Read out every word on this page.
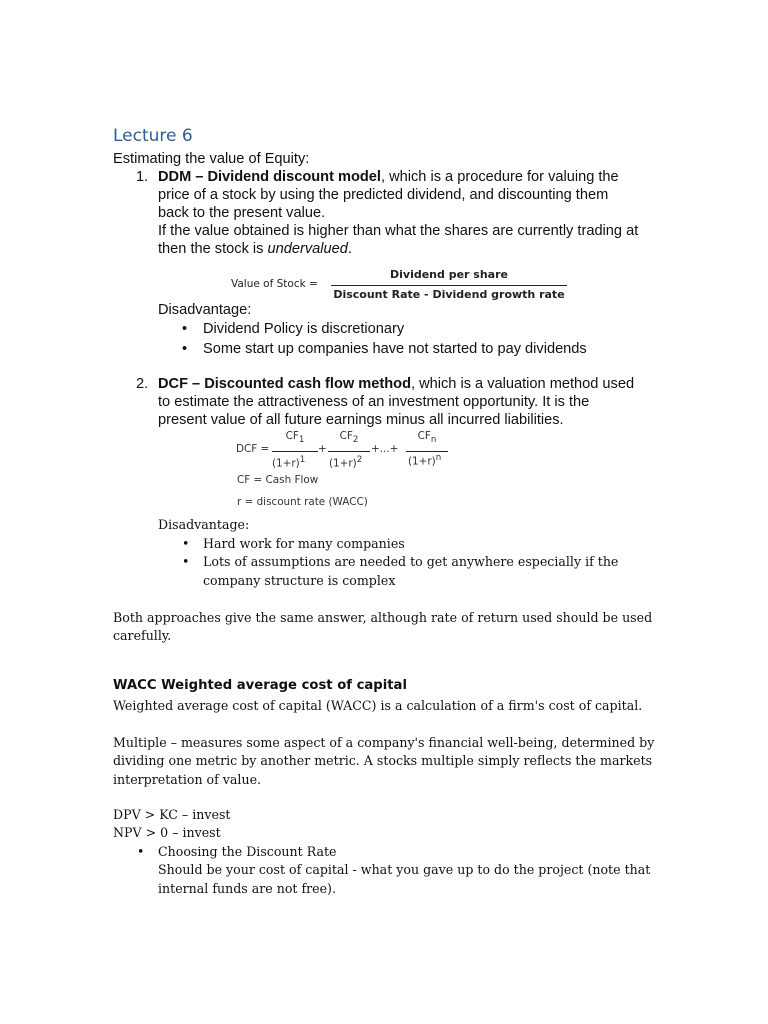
Lecture 6
Estimating the value of Equity:
1. DDM – Dividend discount model, which is a procedure for valuing the
price of a stock by using the predicted dividend, and discounting them
back to the present value.
If the value obtained is higher than what the shares are currently trading at
then the stock is undervalued.
Value of Stock =
Dividend per share
Discount Rate - Dividend growth rate
Disadvantage:
• Dividend Policy is discretionary
• Some start up companies have not started to pay dividends
2. DCF – Discounted cash flow method, which is a valuation method used
to estimate the attractiveness of an investment opportunity. It is the
present value of all future earnings minus all incurred liabilities.
DCF =
$CF_1$
$(1+r)^1$
+
$CF_2$
$(1+r)^2$
+...+
$CF_n$
$(1+r)^n$
CF = Cash Flow
r = discount rate (WACC)
Disadvantage:
• Hard work for many companies
• Lots of assumptions are needed to get anywhere especially if the
company structure is complex
Both approaches give the same answer, although rate of return used should be used
carefully.
WACC Weighted average cost of capital
Weighted average cost of capital (WACC) is a calculation of a firm's cost of capital.
Multiple – measures some aspect of a company's financial well-being, determined by
dividing one metric by another metric. A stocks multiple simply reflects the markets
interpretation of value.
DPV > KC – invest
NPV > 0 – invest
• Choosing the Discount Rate
Should be your cost of capital - what you gave up to do the project (note that
internal funds are not free).
